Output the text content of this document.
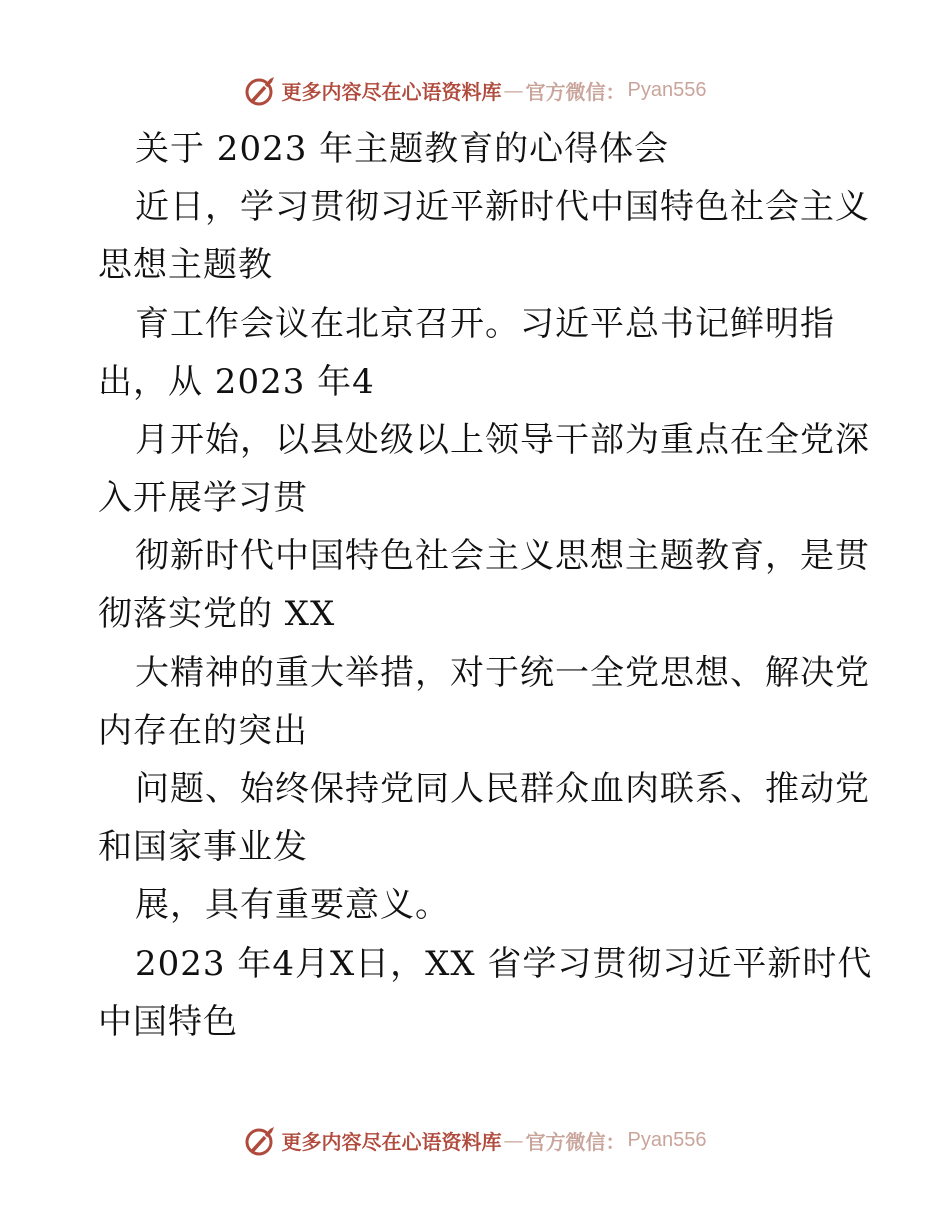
更多内容尽在心语资料库 — 官方微信： Pyan556
关于 2023 年主题教育的心得体会
近日，学习贯彻习近平新时代中国特色社会主义
思想主题教
育工作会议在北京召开。习近平总书记鲜明指
出，从 2023 年4
月开始，以县处级以上领导干部为重点在全党深
入开展学习贯
彻新时代中国特色社会主义思想主题教育，是贯
彻落实党的 XX
大精神的重大举措，对于统一全党思想、解决党
内存在的突出
问题、始终保持党同人民群众血肉联系、推动党
和国家事业发
展，具有重要意义。
2023 年4月X日，XX 省学习贯彻习近平新时代
中国特色
更多内容尽在心语资料库 — 官方微信： Pyan556
